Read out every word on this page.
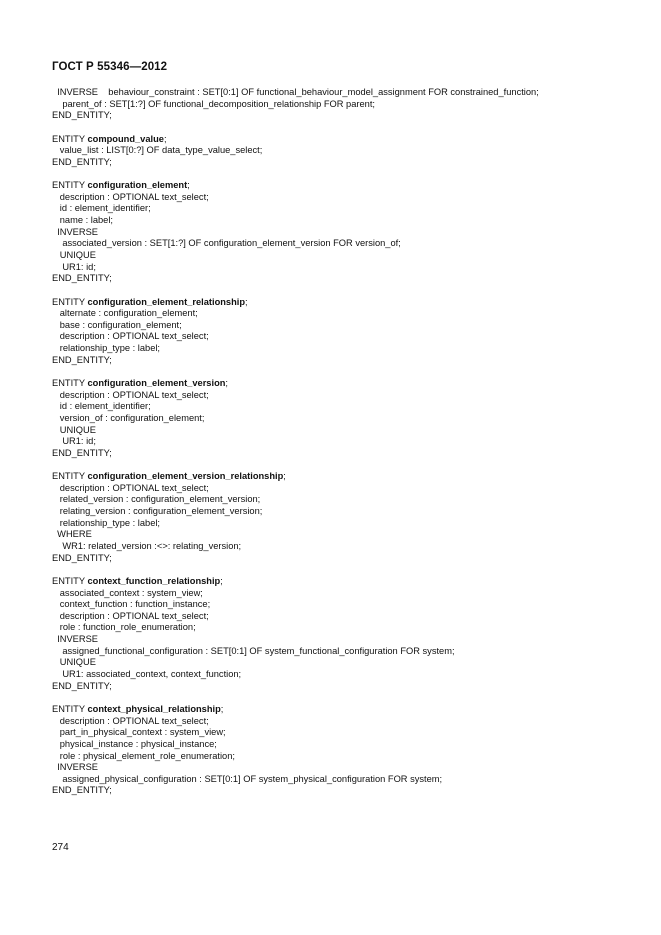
ГОСТ Р 55346—2012
INVERSE    behaviour_constraint : SET[0:1] OF functional_behaviour_model_assignment FOR constrained_function;
parent_of : SET[1:?] OF functional_decomposition_relationship FOR parent;
END_ENTITY;
ENTITY compound_value;
value_list : LIST[0:?] OF data_type_value_select;
END_ENTITY;
ENTITY configuration_element;
description : OPTIONAL text_select;
id : element_identifier;
name : label;
INVERSE
associated_version : SET[1:?] OF configuration_element_version FOR version_of;
UNIQUE
UR1: id;
END_ENTITY;
ENTITY configuration_element_relationship;
alternate : configuration_element;
base : configuration_element;
description : OPTIONAL text_select;
relationship_type : label;
END_ENTITY;
ENTITY configuration_element_version;
description : OPTIONAL text_select;
id : element_identifier;
version_of : configuration_element;
UNIQUE
UR1: id;
END_ENTITY;
ENTITY configuration_element_version_relationship;
description : OPTIONAL text_select;
related_version : configuration_element_version;
relating_version : configuration_element_version;
relationship_type : label;
WHERE
WR1: related_version :<>: relating_version;
END_ENTITY;
ENTITY context_function_relationship;
associated_context : system_view;
context_function : function_instance;
description : OPTIONAL text_select;
role : function_role_enumeration;
INVERSE
assigned_functional_configuration : SET[0:1] OF system_functional_configuration FOR system;
UNIQUE
UR1: associated_context, context_function;
END_ENTITY;
ENTITY context_physical_relationship;
description : OPTIONAL text_select;
part_in_physical_context : system_view;
physical_instance : physical_instance;
role : physical_element_role_enumeration;
INVERSE
assigned_physical_configuration : SET[0:1] OF system_physical_configuration FOR system;
END_ENTITY;
274
